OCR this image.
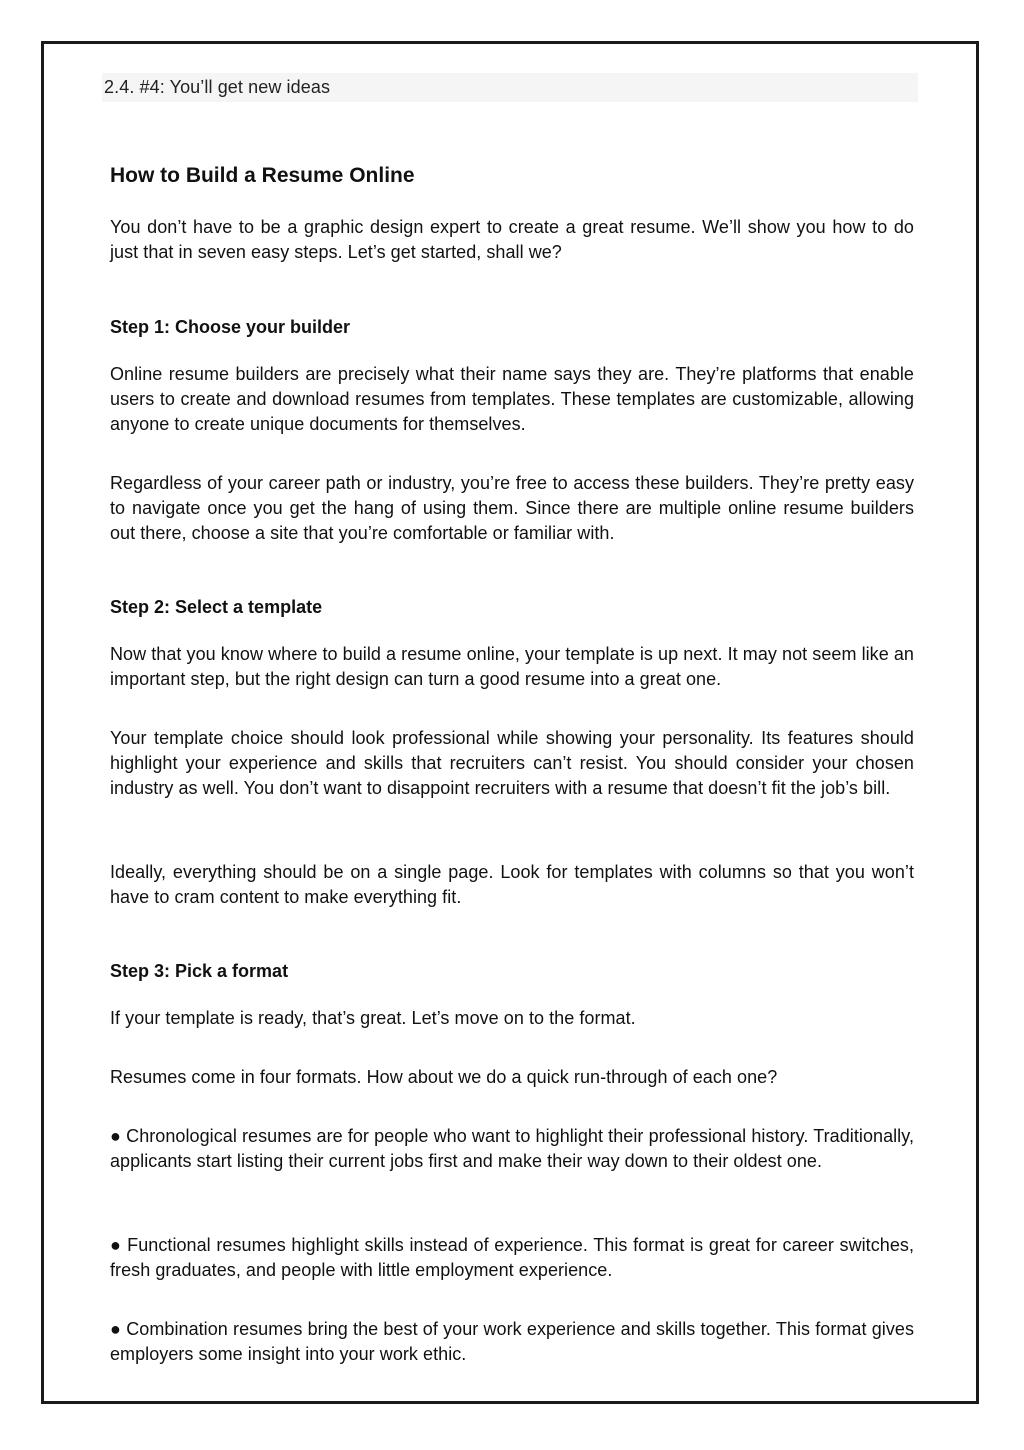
2.4. #4: You’ll get new ideas
How to Build a Resume Online

You don’t have to be a graphic design expert to create a great resume. We’ll show you how to do just that in seven easy steps. Let’s get started, shall we?

Step 1: Choose your builder

Online resume builders are precisely what their name says they are. They’re platforms that enable users to create and download resumes from templates. These templates are customizable, allowing anyone to create unique documents for themselves.

Regardless of your career path or industry, you’re free to access these builders. They’re pretty easy to navigate once you get the hang of using them. Since there are multiple online resume builders out there, choose a site that you’re comfortable or familiar with.

Step 2: Select a template

Now that you know where to build a resume online, your template is up next. It may not seem like an important step, but the right design can turn a good resume into a great one.

Your template choice should look professional while showing your personality. Its features should highlight your experience and skills that recruiters can’t resist. You should consider your chosen industry as well. You don’t want to disappoint recruiters with a resume that doesn’t fit the job’s bill.

Ideally, everything should be on a single page. Look for templates with columns so that you won’t have to cram content to make everything fit.

Step 3: Pick a format

If your template is ready, that’s great. Let’s move on to the format.

Resumes come in four formats. How about we do a quick run-through of each one?

● Chronological resumes are for people who want to highlight their professional history. Traditionally, applicants start listing their current jobs first and make their way down to their oldest one.

● Functional resumes highlight skills instead of experience. This format is great for career switches, fresh graduates, and people with little employment experience.

● Combination resumes bring the best of your work experience and skills together. This format gives employers some insight into your work ethic.
